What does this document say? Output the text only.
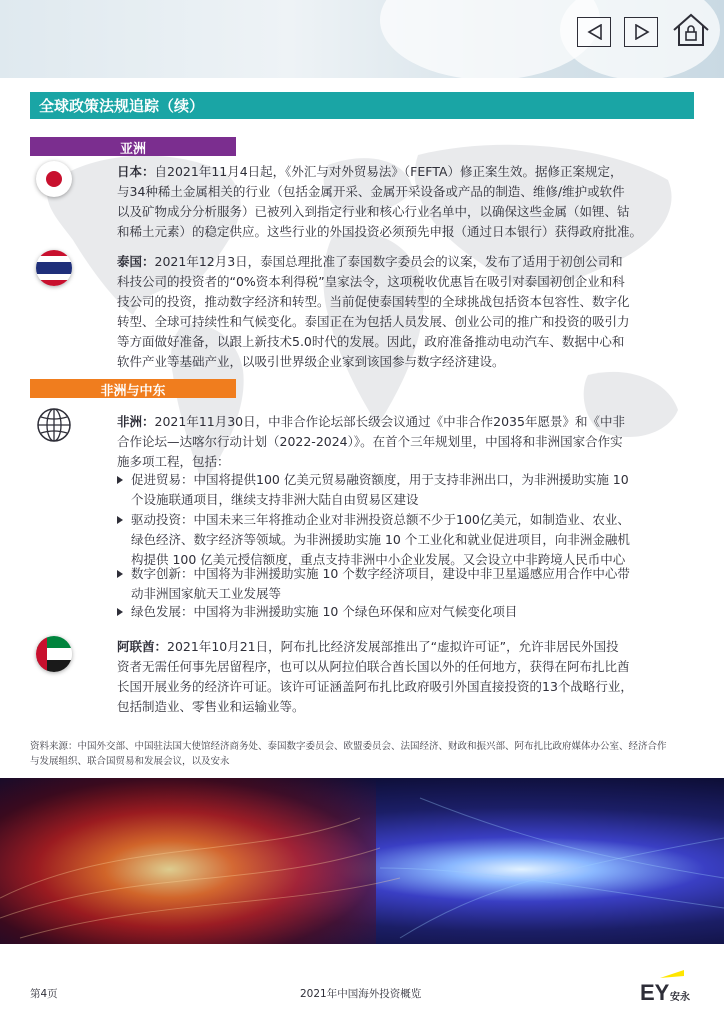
全球政策法规追踪（续）
亚洲
日本：自2021年11月4日起，《外汇与对外贸易法》（FEFTA）修正案生效。据修正案规定，
与34种稀土金属相关的行业（包括金属开采、金属开采设备或产品的制造、维修/维护或软件
以及矿物成分分析服务）已被列入到指定行业和核心行业名单中，以确保这些金属（如锂、钴
和稀土元素）的稳定供应。这些行业的外国投资必须预先申报（通过日本银行）获得政府批准。
泰国：2021年12月3日，泰国总理批准了泰国数字委员会的议案，发布了适用于初创公司和
科技公司的投资者的“0%资本利得税”皇家法令，这项税收优惠旨在吸引对泰国初创企业和科
技公司的投资，推动数字经济和转型。当前促使泰国转型的全球挑战包括资本包容性、数字化
转型、全球可持续性和气候变化。泰国正在为包括人员发展、创业公司的推广和投资的吸引力
等方面做好准备，以跟上新技术5.0时代的发展。因此，政府准备推动电动汽车、数据中心和
软件产业等基础产业，以吸引世界级企业家到该国参与数字经济建设。
非洲与中东
非洲：2021年11月30日，中非合作论坛部长级会议通过《中非合作2035年愿景》和《中非
合作论坛—达喀尔行动计划（2022-2024）》。在首个三年规划里，中国将和非洲国家合作实
施多项工程，包括：
促进贸易：中国将提供100 亿美元贸易融资额度，用于支持非洲出口，为非洲援助实施 10
个设施联通项目，继续支持非洲大陆自由贸易区建设
驱动投资：中国未来三年将推动企业对非洲投资总额不少于100亿美元，如制造业、农业、
绿色经济、数字经济等领域。为非洲援助实施 10 个工业化和就业促进项目，向非洲金融机
构提供 100 亿美元授信额度，重点支持非洲中小企业发展。又会设立中非跨境人民币中心
数字创新：中国将为非洲援助实施 10 个数字经济项目，建设中非卫星遥感应用合作中心带
动非洲国家航天工业发展等
绿色发展：中国将为非洲援助实施 10 个绿色环保和应对气候变化项目
阿联酋：2021年10月21日，阿布扎比经济发展部推出了“虚拟许可证”，允许非居民外国投
资者无需任何事先居留程序，也可以从阿拉伯联合酋长国以外的任何地方，获得在阿布扎比酋
长国开展业务的经济许可证。该许可证涵盖阿布扎比政府吸引外国直接投资的13个战略行业，
包括制造业、零售业和运输业等。
资料来源：中国外交部、中国驻法国大使馆经济商务处、泰国数字委员会、欧盟委员会、法国经济、财政和振兴部、阿布扎比政府媒体办公室、经济合作
与发展组织、联合国贸易和发展会议，以及安永
第4页	2021年中国海外投资概览	EY 安永
